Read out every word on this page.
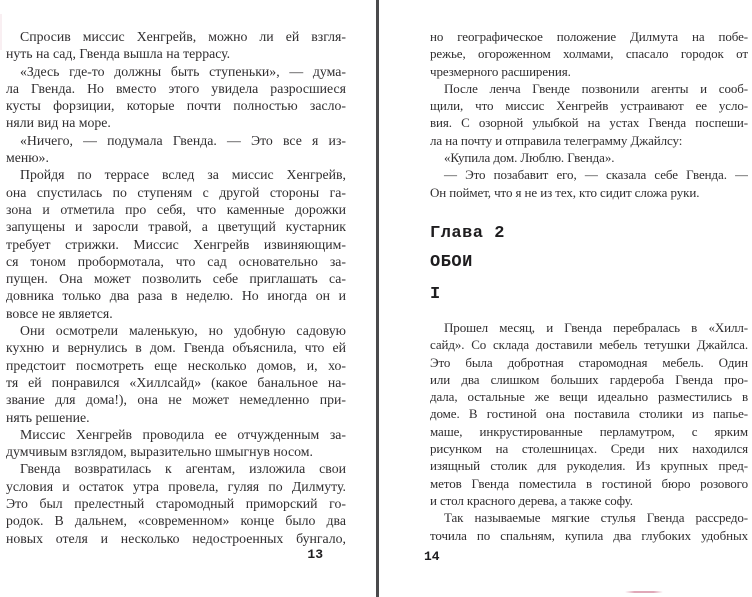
Спросив миссис Хенгрейв, можно ли ей взгля-
нуть на сад, Гвенда вышла на террасу.
«Здесь где-то должны быть ступеньки», — дума-
ла Гвенда. Но вместо этого увидела разросшиеся
кусты форзиции, которые почти полностью засло-
няли вид на море.
«Ничего, — подумала Гвенда. — Это все я из-
меню».
Пройдя по террасе вслед за миссис Хенгрейв,
она спустилась по ступеням с другой стороны га-
зона и отметила про себя, что каменные дорожки
запущены и заросли травой, а цветущий кустарник
требует стрижки. Миссис Хенгрейв извиняющим-
ся тоном пробормотала, что сад основательно за-
пущен. Она может позволить себе приглашать са-
довника только два раза в неделю. Но иногда он и
вовсе не является.
Они осмотрели маленькую, но удобную садовую
кухню и вернулись в дом. Гвенда объяснила, что ей
предстоит посмотреть еще несколько домов, и, хо-
тя ей понравился «Хиллсайд» (какое банальное на-
звание для дома!), она не может немедленно при-
нять решение.
Миссис Хенгрейв проводила ее отчужденным за-
думчивым взглядом, выразительно шмыгнув носом.
Гвенда возвратилась к агентам, изложила свои
условия и остаток утра провела, гуляя по Дилмуту.
Это был прелестный старомодный приморский го-
родок. В дальнем, «современном» конце было два
новых отеля и несколько недостроенных бунгало,
13
но географическое положение Дилмута на побе-
режье, огороженном холмами, спасало городок от
чрезмерного расширения.
После ленча Гвенде позвонили агенты и сооб-
щили, что миссис Хенгрейв устраивают ее усло-
вия. С озорной улыбкой на устах Гвенда поспеши-
ла на почту и отправила телеграмму Джайлсу:
«Купила дом. Люблю. Гвенда».
— Это позабавит его, — сказала себе Гвенда. —
Он поймет, что я не из тех, кто сидит сложа руки.
Глава 2
ОБОИ
I
Прошел месяц, и Гвенда перебралась в «Хилл-
сайд». Со склада доставили мебель тетушки Джайлса.
Это была добротная старомодная мебель. Один
или два слишком больших гардероба Гвенда про-
дала, остальные же вещи идеально разместились в
доме. В гостиной она поставила столики из папье-
маше, инкрустированные перламутром, с ярким
рисунком на столешницах. Среди них находился
изящный столик для рукоделия. Из крупных пред-
метов Гвенда поместила в гостиной бюро розового
и стол красного дерева, а также софу.
Так называемые мягкие стулья Гвенда рассредо-
точила по спальням, купила два глубоких удобных
14
